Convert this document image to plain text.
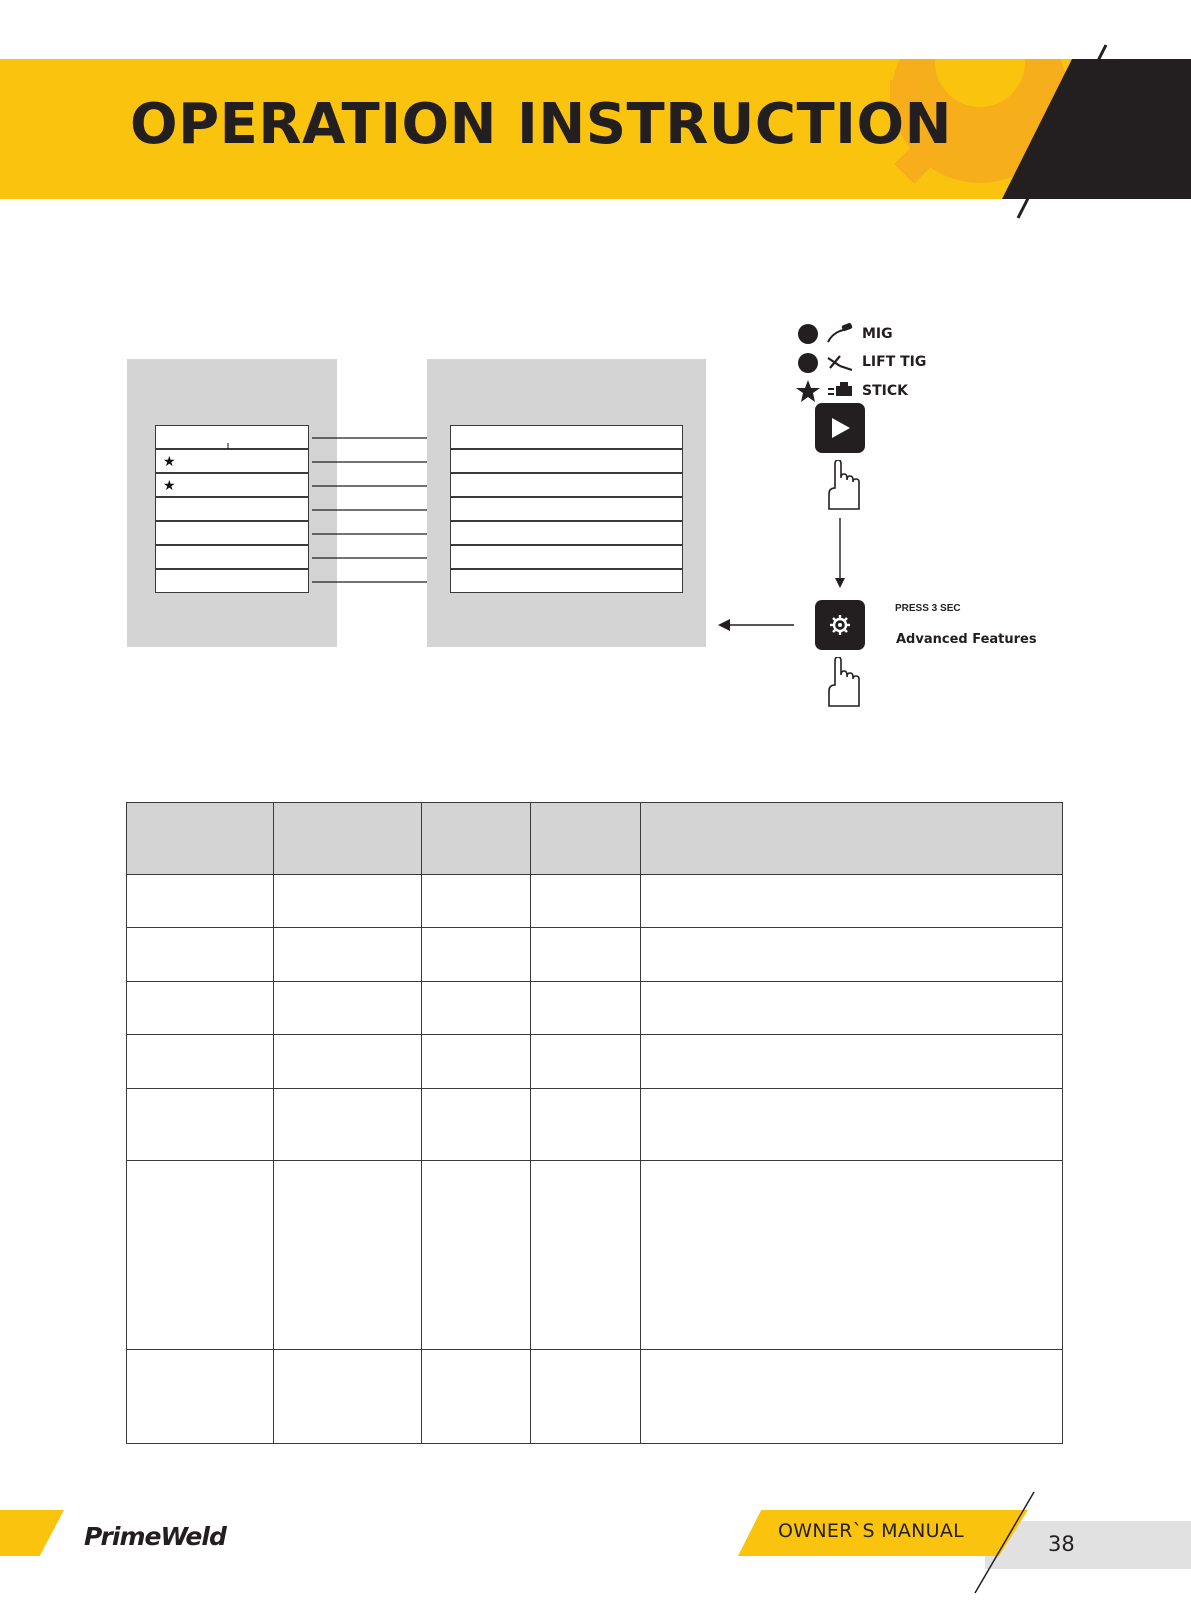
OPERATION INSTRUCTION
★
★
MIG
LIFT TIG
STICK
PRESS 3 SEC
Advanced Features

PrimeWeld	OWNER`S MANUAL
38
